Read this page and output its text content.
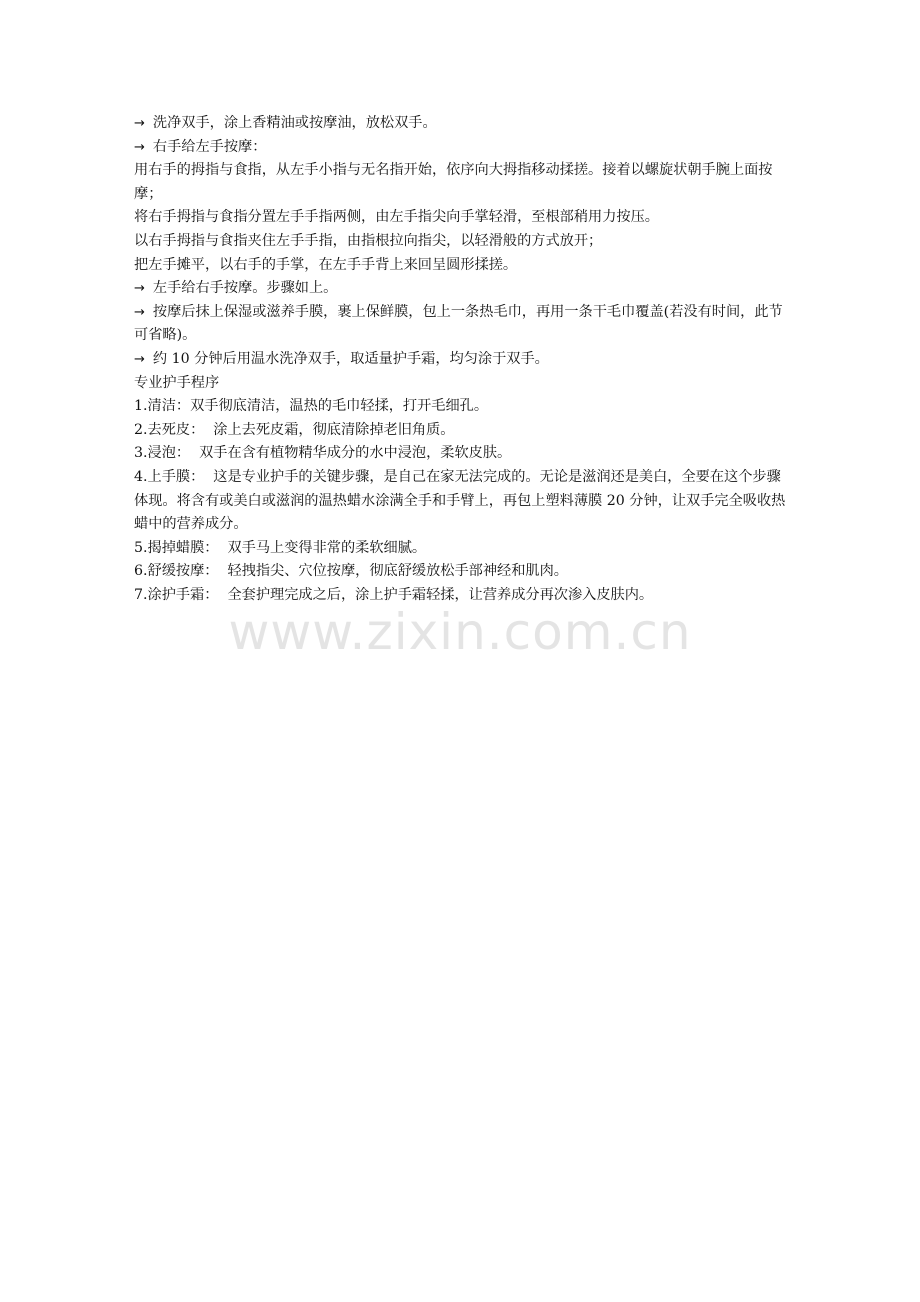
→ 洗净双手，涂上香精油或按摩油，放松双手。
→ 右手给左手按摩：
用右手的拇指与食指，从左手小指与无名指开始，依序向大拇指移动揉搓。接着以螺旋状朝手腕上面按摩；
将右手拇指与食指分置左手手指两侧，由左手指尖向手掌轻滑，至根部稍用力按压。
以右手拇指与食指夹住左手手指，由指根拉向指尖，以轻滑般的方式放开；
把左手摊平，以右手的手掌，在左手手背上来回呈圆形揉搓。
→ 左手给右手按摩。步骤如上。
→ 按摩后抹上保湿或滋养手膜，裹上保鲜膜，包上一条热毛巾，再用一条干毛巾覆盖(若没有时间，此节可省略)。
→ 约 10 分钟后用温水洗净双手，取适量护手霜，均匀涂于双手。
专业护手程序
1.清洁：双手彻底清洁，温热的毛巾轻揉，打开毛细孔。
2.去死皮：  涂上去死皮霜，彻底清除掉老旧角质。
3.浸泡：  双手在含有植物精华成分的水中浸泡，柔软皮肤。
4.上手膜：  这是专业护手的关键步骤，是自己在家无法完成的。无论是滋润还是美白，全要在这个步骤体现。将含有或美白或滋润的温热蜡水涂满全手和手臂上，再包上塑料薄膜 20 分钟，让双手完全吸收热蜡中的营养成分。
5.揭掉蜡膜：  双手马上变得非常的柔软细腻。
6.舒缓按摩：  轻拽指尖、穴位按摩，彻底舒缓放松手部神经和肌肉。
7.涂护手霜：  全套护理完成之后，涂上护手霜轻揉，让营养成分再次渗入皮肤内。
www.zixin.com.cn
